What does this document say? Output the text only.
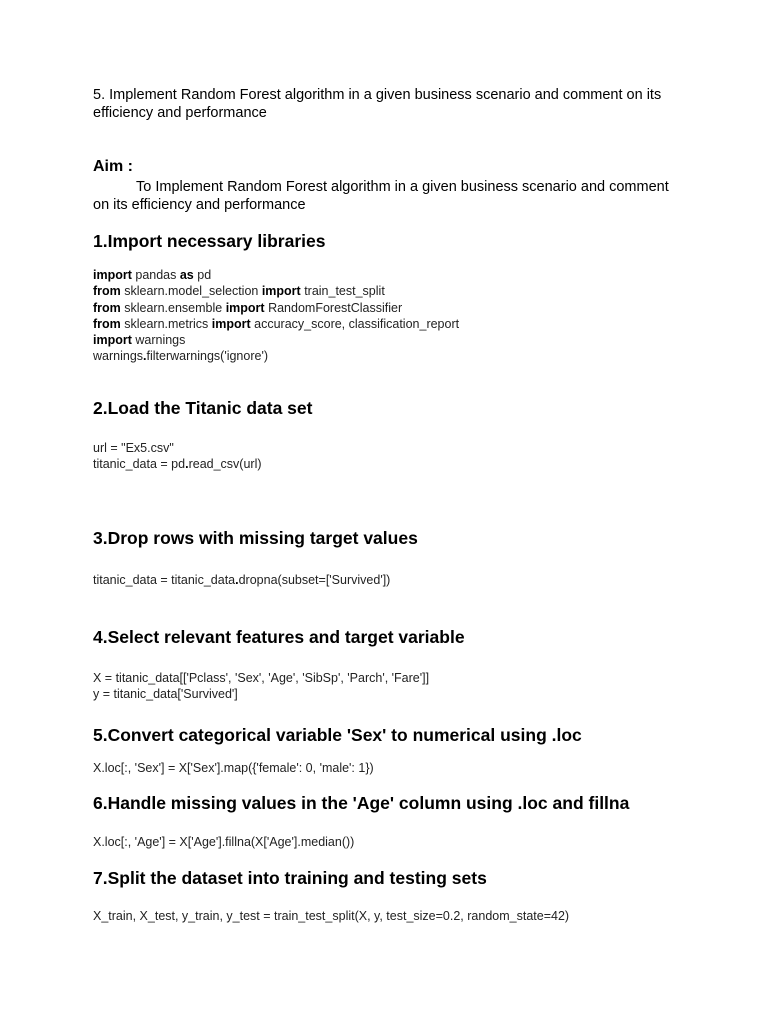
5. Implement Random Forest algorithm in a given business scenario and comment on its
efficiency and performance
Aim :
To Implement Random Forest algorithm in a given business scenario and comment
on its efficiency and performance
1.Import necessary libraries
import pandas as pd
from sklearn.model_selection import train_test_split
from sklearn.ensemble import RandomForestClassifier
from sklearn.metrics import accuracy_score, classification_report
import warnings
warnings.filterwarnings('ignore')
2.Load the Titanic data set
url = "Ex5.csv"
titanic_data = pd.read_csv(url)
3.Drop rows with missing target values
titanic_data = titanic_data.dropna(subset=['Survived'])
4.Select relevant features and target variable
X = titanic_data[['Pclass', 'Sex', 'Age', 'SibSp', 'Parch', 'Fare']]
y = titanic_data['Survived']
5.Convert categorical variable 'Sex' to numerical using .loc
X.loc[:, 'Sex'] = X['Sex'].map({'female': 0, 'male': 1})
6.Handle missing values in the 'Age' column using .loc and fillna
X.loc[:, 'Age'] = X['Age'].fillna(X['Age'].median())
7.Split the dataset into training and testing sets
X_train, X_test, y_train, y_test = train_test_split(X, y, test_size=0.2, random_state=42)
